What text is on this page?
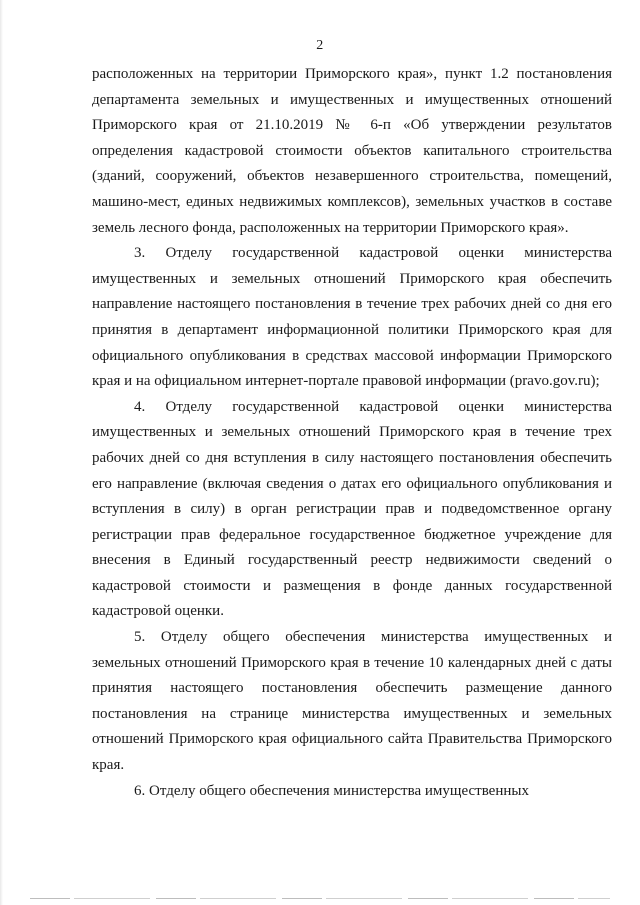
2

расположенных на территории Приморского края», пункт 1.2 постановления департамента земельных и имущественных и имущественных отношений Приморского края от 21.10.2019 № 6-п «Об утверждении результатов определения кадастровой стоимости объектов капитального строительства (зданий, сооружений, объектов незавершенного строительства, помещений, машино-мест, единых недвижимых комплексов), земельных участков в составе земель лесного фонда, расположенных на территории Приморского края».

3. Отделу государственной кадастровой оценки министерства имущественных и земельных отношений Приморского края обеспечить направление настоящего постановления в течение трех рабочих дней со дня его принятия в департамент информационной политики Приморского края для официального опубликования в средствах массовой информации Приморского края и на официальном интернет-портале правовой информации (pravo.gov.ru);

4. Отделу государственной кадастровой оценки министерства имущественных и земельных отношений Приморского края в течение трех рабочих дней со дня вступления в силу настоящего постановления обеспечить его направление (включая сведения о датах его официального опубликования и вступления в силу) в орган регистрации прав и подведомственное органу регистрации прав федеральное государственное бюджетное учреждение для внесения в Единый государственный реестр недвижимости сведений о кадастровой стоимости и размещения в фонде данных государственной кадастровой оценки.

5. Отделу общего обеспечения министерства имущественных и земельных отношений Приморского края в течение 10 календарных дней с даты принятия настоящего постановления обеспечить размещение данного постановления на странице министерства имущественных и земельных отношений Приморского края официального сайта Правительства Приморского края.

6. Отделу общего обеспечения министерства имущественных
